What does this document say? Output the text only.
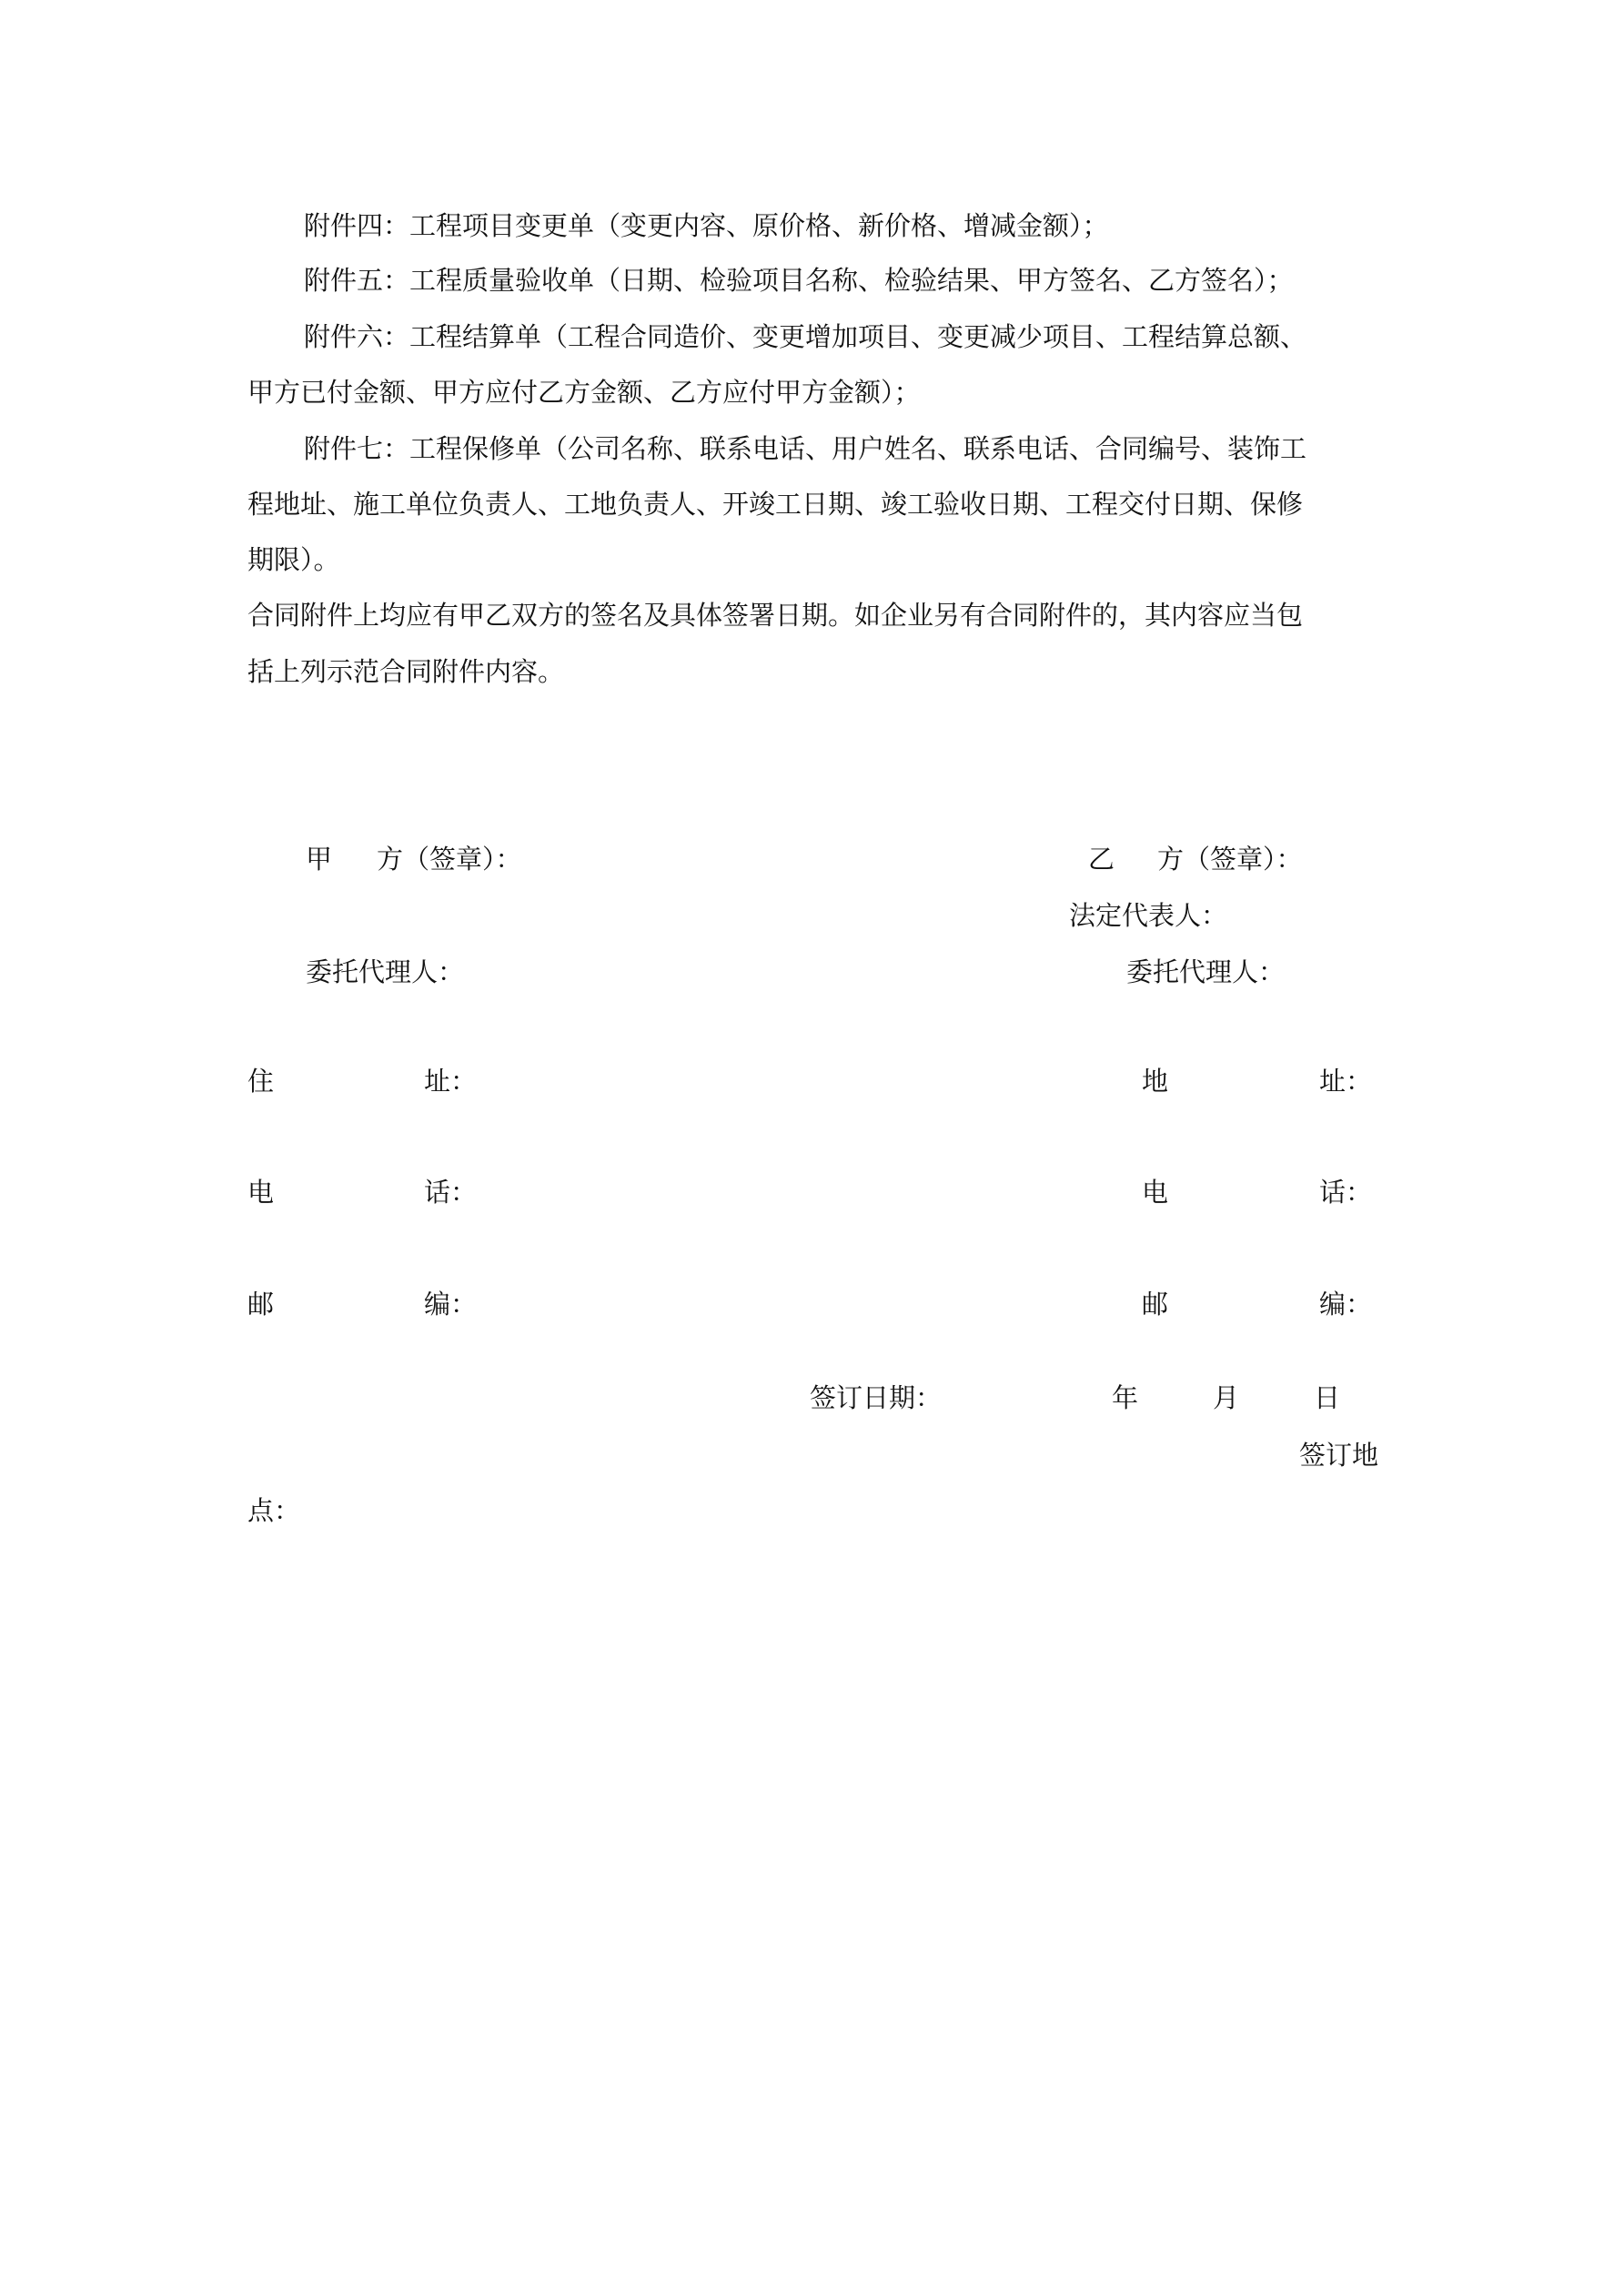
附件四：工程项目变更单（变更内容、原价格、新价格、增减金额）；

附件五：工程质量验收单（日期、检验项目名称、检验结果、甲方签名、乙方签名）；

附件六：工程结算单（工程合同造价、变更增加项目、变更减少项目、工程结算总额、

甲方已付金额、甲方应付乙方金额、乙方应付甲方金额）；

附件七：工程保修单（公司名称、联系电话、用户姓名、联系电话、合同编号、装饰工

程地址、施工单位负责人、工地负责人、开竣工日期、竣工验收日期、工程交付日期、保修

期限）。

合同附件上均应有甲乙双方的签名及具体签署日期。如企业另有合同附件的，其内容应当包

括上列示范合同附件内容。

甲 方（签章）：	乙 方（签章）：
法定代表人：
委托代理人：	委托代理人：
住	址：	地	址：
电	话：	电	话：
邮	编：	邮	编：
签订日期：	年	月	日
签订地
点：
